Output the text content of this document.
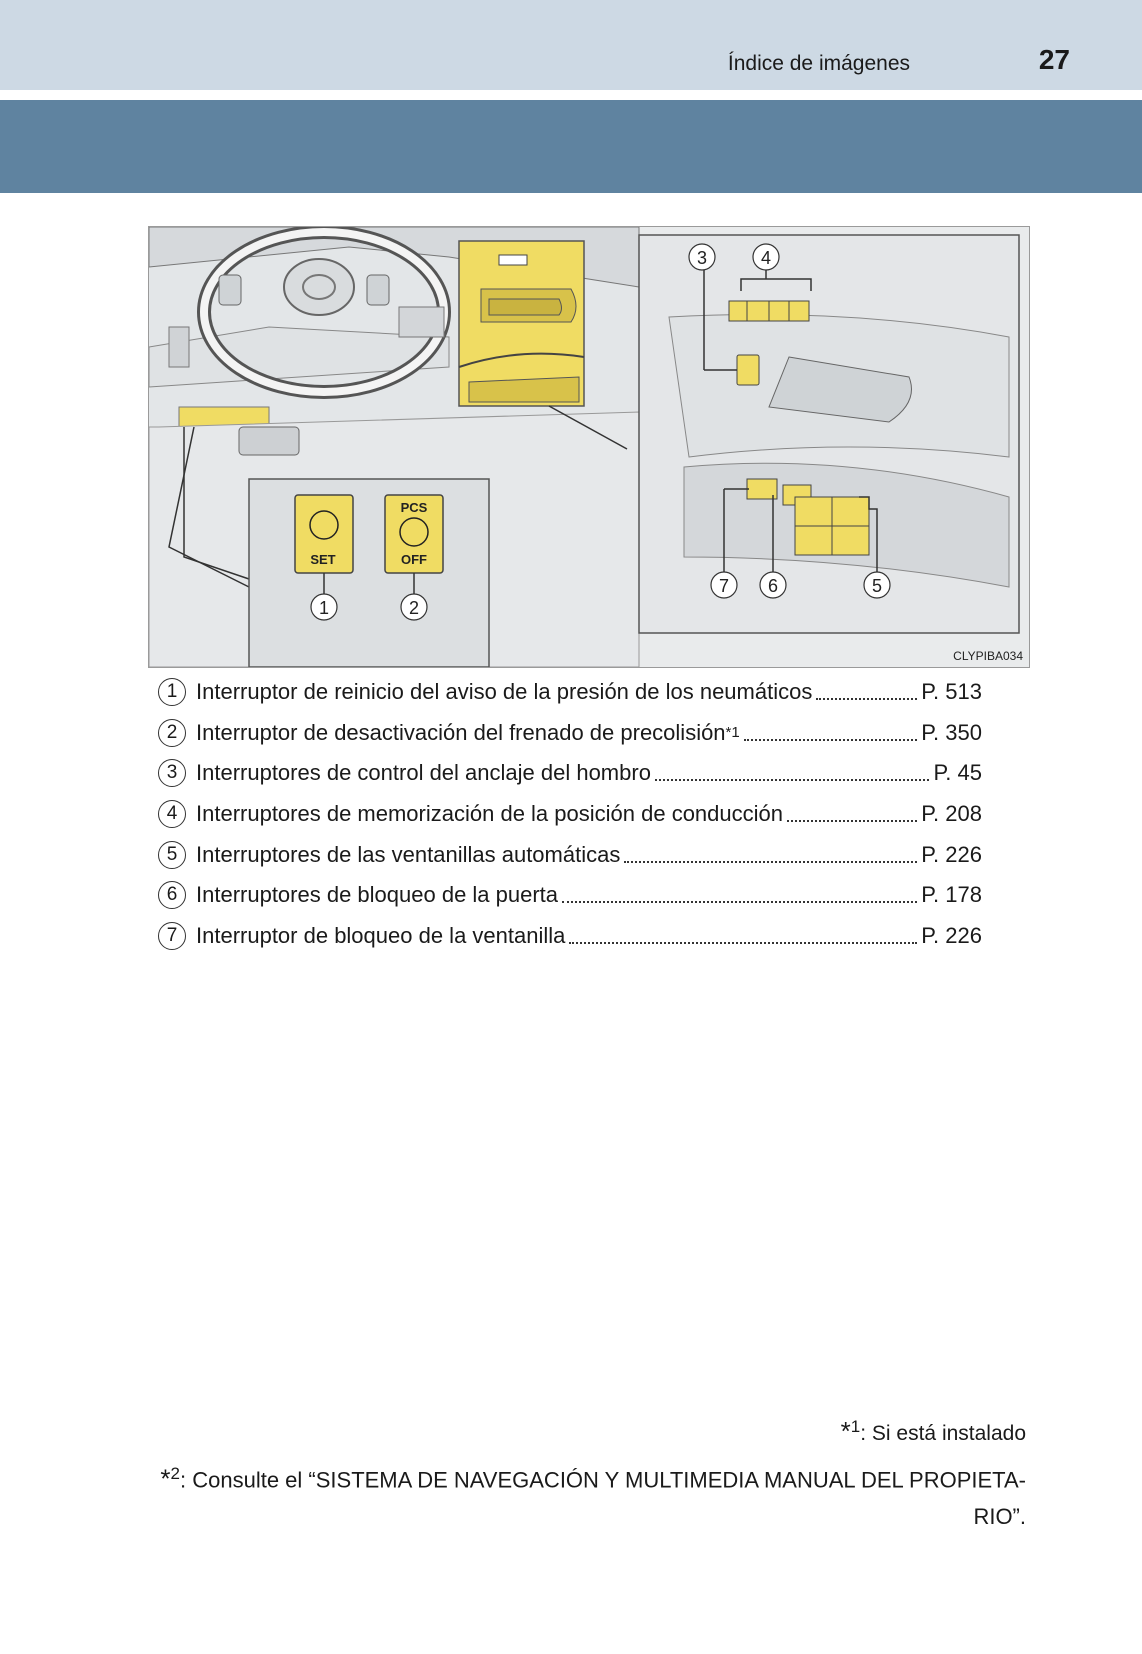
Índice de imágenes	27
SET
PCS
OFF
1	2
3	4
5
6
7
CLYPIBA034
1 Interruptor de reinicio del aviso de la presión de los neumáticos	P. 513
2 Interruptor de desactivación del frenado de precolisión *1	P. 350
3 Interruptores de control del anclaje del hombro	P. 45
4 Interruptores de memorización de la posición de conducción	P. 208
5 Interruptores de las ventanillas automáticas	P. 226
6 Interruptores de bloqueo de la puerta	P. 178
7 Interruptor de bloqueo de la ventanilla	P. 226
*$^1$: Si está instalado
*$^2$: Consulte el “SISTEMA DE NAVEGACIÓN Y MULTIMEDIA MANUAL DEL PROPIETA-RIO”.
